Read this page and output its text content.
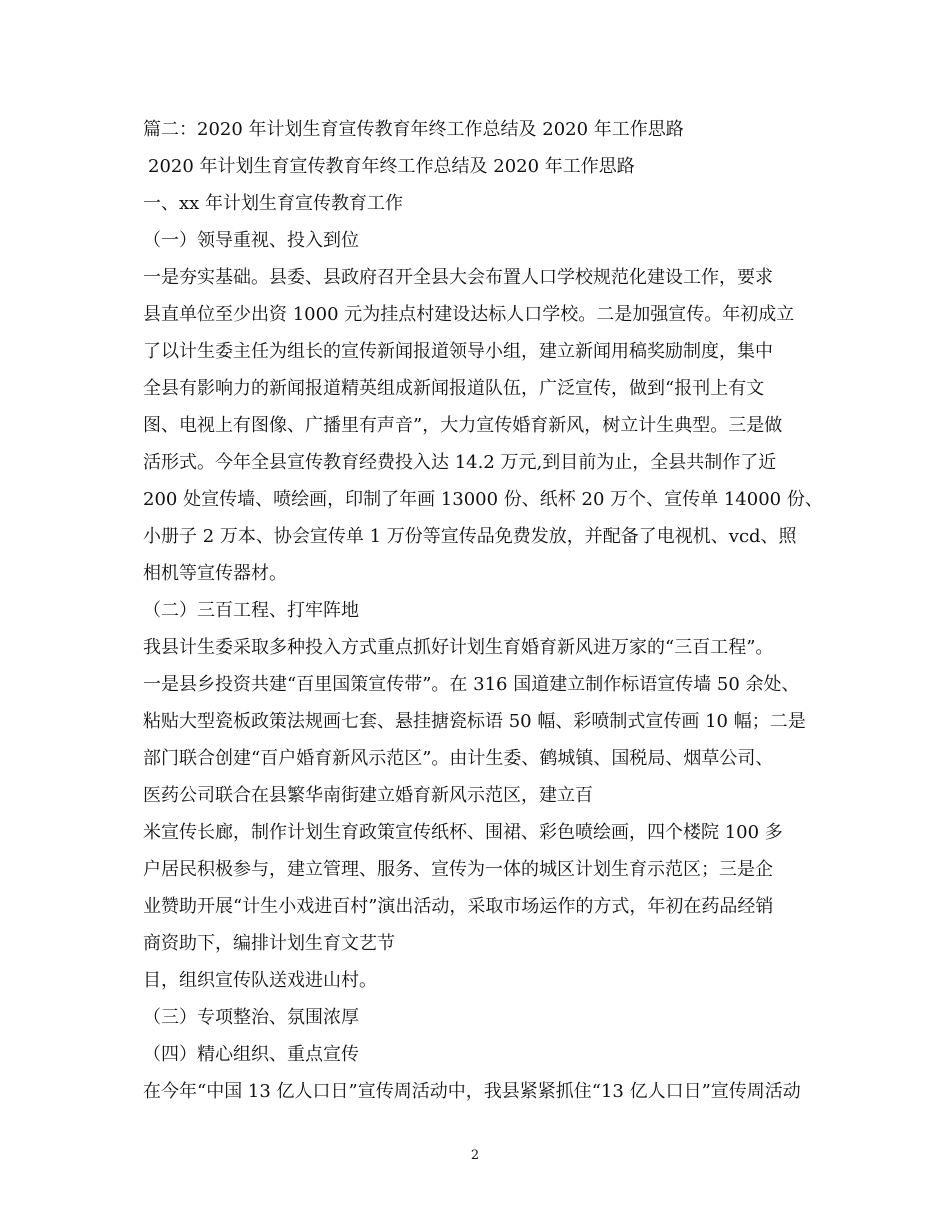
篇二：2020 年计划生育宣传教育年终工作总结及 2020 年工作思路
2020 年计划生育宣传教育年终工作总结及 2020 年工作思路
一、xx 年计划生育宣传教育工作
（一）领导重视、投入到位
一是夯实基础。县委、县政府召开全县大会布置人口学校规范化建设工作，要求
县直单位至少出资 1000 元为挂点村建设达标人口学校。二是加强宣传。年初成立
了以计生委主任为组长的宣传新闻报道领导小组，建立新闻用稿奖励制度，集中
全县有影响力的新闻报道精英组成新闻报道队伍，广泛宣传，做到“报刊上有文
图、电视上有图像、广播里有声音”，大力宣传婚育新风，树立计生典型。三是做
活形式。今年全县宣传教育经费投入达 14.2 万元,到目前为止，全县共制作了近
200 处宣传墙、喷绘画，印制了年画 13000 份、纸杯 20 万个、宣传单 14000 份、
小册子 2 万本、协会宣传单 1 万份等宣传品免费发放，并配备了电视机、vcd、照
相机等宣传器材。
（二）三百工程、打牢阵地
我县计生委采取多种投入方式重点抓好计划生育婚育新风进万家的“三百工程”。
一是县乡投资共建“百里国策宣传带”。在 316 国道建立制作标语宣传墙 50 余处、
粘贴大型瓷板政策法规画七套、悬挂搪瓷标语 50 幅、彩喷制式宣传画 10 幅；二是
部门联合创建“百户婚育新风示范区”。由计生委、鹤城镇、国税局、烟草公司、
医药公司联合在县繁华南街建立婚育新风示范区，建立百
米宣传长廊，制作计划生育政策宣传纸杯、围裙、彩色喷绘画，四个楼院 100 多
户居民积极参与，建立管理、服务、宣传为一体的城区计划生育示范区；三是企
业赞助开展“计生小戏进百村”演出活动，采取市场运作的方式，年初在药品经销
商资助下，编排计划生育文艺节
目，组织宣传队送戏进山村。
（三）专项整治、氛围浓厚
（四）精心组织、重点宣传
在今年“中国 13 亿人口日”宣传周活动中，我县紧紧抓住“13 亿人口日”宣传周活动
2
